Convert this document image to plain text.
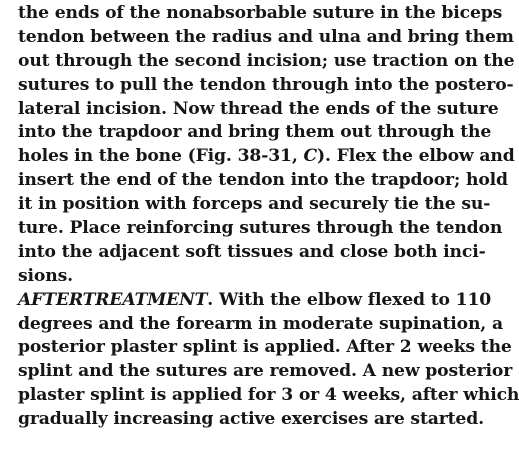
the ends of the nonabsorbable suture in the biceps
tendon between the radius and ulna and bring them
out through the second incision; use traction on the
sutures to pull the tendon through into the postero-
lateral incision. Now thread the ends of the suture
into the trapdoor and bring them out through the
holes in the bone (Fig. 38-31, C). Flex the elbow and
insert the end of the tendon into the trapdoor; hold
it in position with forceps and securely tie the su-
ture. Place reinforcing sutures through the tendon
into the adjacent soft tissues and close both inci-
sions.
AFTERTREATMENT. With the elbow flexed to 110
degrees and the forearm in moderate supination, a
posterior plaster splint is applied. After 2 weeks the
splint and the sutures are removed. A new posterior
plaster splint is applied for 3 or 4 weeks, after which
gradually increasing active exercises are started.
